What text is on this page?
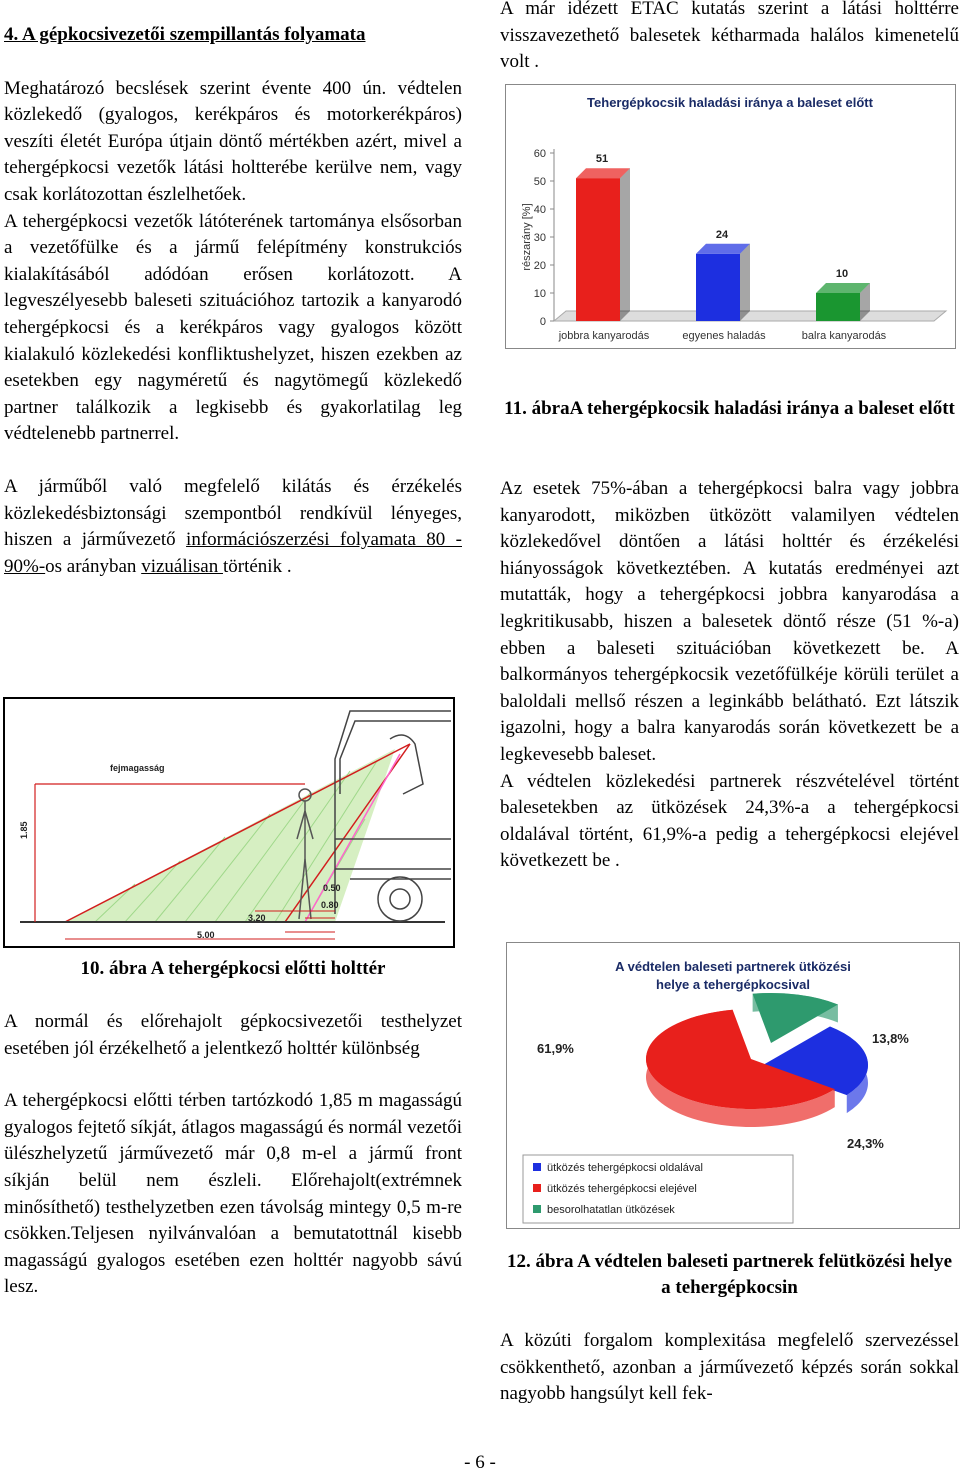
4. A gépkocsivezetői szempillantás folyamata

Meghatározó becslések szerint évente 400 ún. védtelen közlekedő (gyalogos, kerékpáros és motorkerékpáros) veszíti életét Európa útjain döntő mértékben azért, mivel a tehergépkocsi vezetők látási holtterébe kerülve nem, vagy csak korlátozottan észlelhetőek.

A tehergépkocsi vezetők látóterének tartománya elsősorban a vezetőfülke és a jármű felépítmény konstrukciós kialakításából adódóan erősen korlátozott. A legveszélyesebb baleseti szituációhoz tartozik a kanyarodó tehergépkocsi és a kerékpáros vagy gyalogos között kialakuló közlekedési konfliktushelyzet, hiszen ezekben az esetekben egy nagyméretű és nagytömegű közlekedő partner találkozik a legkisebb és gyakorlatilag leg védtelenebb partnerrel.

A járműből való megfelelő kilátás és érzékelés közlekedésbiztonsági szempontból rendkívül lényeges, hiszen a járművezető információszerzési folyamata 80 - 90%-os arányban vizuálisan történik .

fejmagasság
1.85
0.50
0.80
3.20
5.00
10. ábra A tehergépkocsi előtti holttér

A normál és előrehajolt gépkocsivezetői testhelyzet esetében jól érzékelhető a jelentkező holttér különbség

A tehergépkocsi előtti térben tartózkodó 1,85 m magasságú gyalogos fejtető síkját, átlagos magasságú és normál vezetői ülészhelyzetű járművezető már 0,8 m-el a jármű front síkján belül nem észleli. Előrehajolt(extrémnek minősíthető) testhelyzetben ezen távolság mintegy 0,5 m-re csökken.Teljesen nyilvánvalóan a bemutatottnál kisebb magasságú gyalogos esetében ezen holttér nagyobb sávú lesz.

A már idézett ETAC kutatás szerint a látási holttérre visszavezethető balesetek kétharmada halálos kimenetelű volt .

Tehergépkocsik haladási iránya a baleset előtt
0
10
20
30
40
50
60
részarány [%]
51
jobbra kanyarodás
24
egyenes haladás
10
balra kanyarodás
11. ábraA tehergépkocsik haladási iránya a baleset előtt

Az esetek 75%-ában a tehergépkocsi balra vagy jobbra kanyarodott, miközben ütközött valamilyen védtelen közlekedővel döntően a látási holttér és érzékelési hiányosságok következtében. A kutatás eredményei azt mutatták, hogy a tehergépkocsi jobbra kanyarodása a legkritikusabb, hiszen a balesetek döntő része (51 %-a) ebben a baleseti szituációban következett be. A balkormányos tehergépkocsik vezetőfülkéje körüli terület a baloldali mellső részen a leginkább belátható. Ezt látszik igazolni, hogy a balra kanyarodás során következett be a legkevesebb baleset.

A védtelen közlekedési partnerek részvételével történt balesetekben az ütközések 24,3%-a a tehergépkocsi oldalával történt, 61,9%-a pedig a tehergépkocsi elejével következett be .

A védtelen baleseti partnerek ütközési helye a tehergépkocsival
24,3%
61,9%
13,8%
ütközés tehergépkocsi oldalával
ütközés tehergépkocsi elejével
besorolhatatlan ütközések
12. ábra A védtelen baleseti partnerek felütközési helye a tehergépkocsin

A közúti forgalom komplexitása megfelelő szervezéssel csökkenthető, azonban a járművezető képzés során sokkal nagyobb hangsúlyt kell fek-

- 6 -
